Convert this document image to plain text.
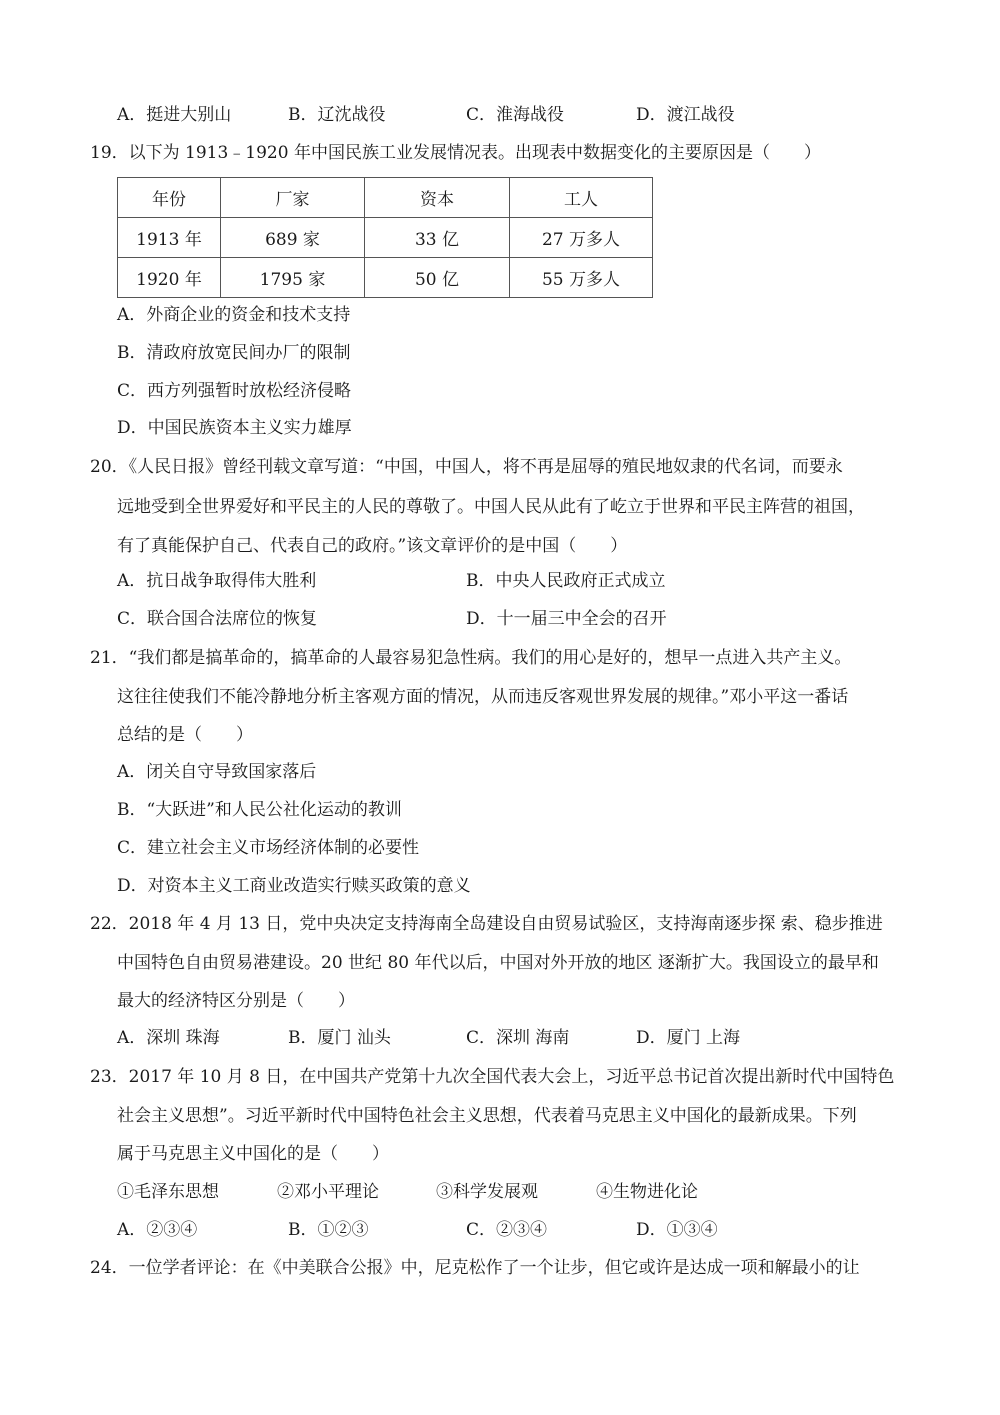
A．挺进大别山	B．辽沈战役	C．淮海战役	D．渡江战役
19．以下为 1913﹣1920 年中国民族工业发展情况表。出现表中数据变化的主要原因是（　　）
年份	厂家	资本	工人
1913 年	689 家	33 亿	27 万多人
1920 年	1795 家	50 亿	55 万多人
A．外商企业的资金和技术支持
B．清政府放宽民间办厂的限制
C．西方列强暂时放松经济侵略
D．中国民族资本主义实力雄厚
20．《人民日报》曾经刊载文章写道：“中国，中国人，将不再是屈辱的殖民地奴隶的代名词，而要永
远地受到全世界爱好和平民主的人民的尊敬了。中国人民从此有了屹立于世界和平民主阵营的祖国，
有了真能保护自己、代表自己的政府。”该文章评价的是中国（　　）
A．抗日战争取得伟大胜利	B．中央人民政府正式成立
C．联合国合法席位的恢复	D．十一届三中全会的召开
21．“我们都是搞革命的，搞革命的人最容易犯急性病。我们的用心是好的，想早一点进入共产主义。
这往往使我们不能冷静地分析主客观方面的情况，从而违反客观世界发展的规律。”邓小平这一番话
总结的是（　　）
A．闭关自守导致国家落后
B．“大跃进”和人民公社化运动的教训
C．建立社会主义市场经济体制的必要性
D．对资本主义工商业改造实行赎买政策的意义
22．2018 年 4 月 13 日，党中央决定支持海南全岛建设自由贸易试验区，支持海南逐步探 索、稳步推进
中国特色自由贸易港建设。20 世纪 80 年代以后，中国对外开放的地区 逐渐扩大。我国设立的最早和
最大的经济特区分别是（　　）
A．深圳 珠海	B．厦门 汕头	C．深圳 海南	D．厦门 上海
23．2017 年 10 月 8 日，在中国共产党第十九次全国代表大会上，习近平总书记首次提出新时代中国特色
社会主义思想”。习近平新时代中国特色社会主义思想，代表着马克思主义中国化的最新成果。下列
属于马克思主义中国化的是（　　）
①毛泽东思想	②邓小平理论	③科学发展观	④生物进化论
A．②③④	B．①②③	C．②③④	D．①③④
24．一位学者评论：在《中美联合公报》中，尼克松作了一个让步，但它或许是达成一项和解最小的让
